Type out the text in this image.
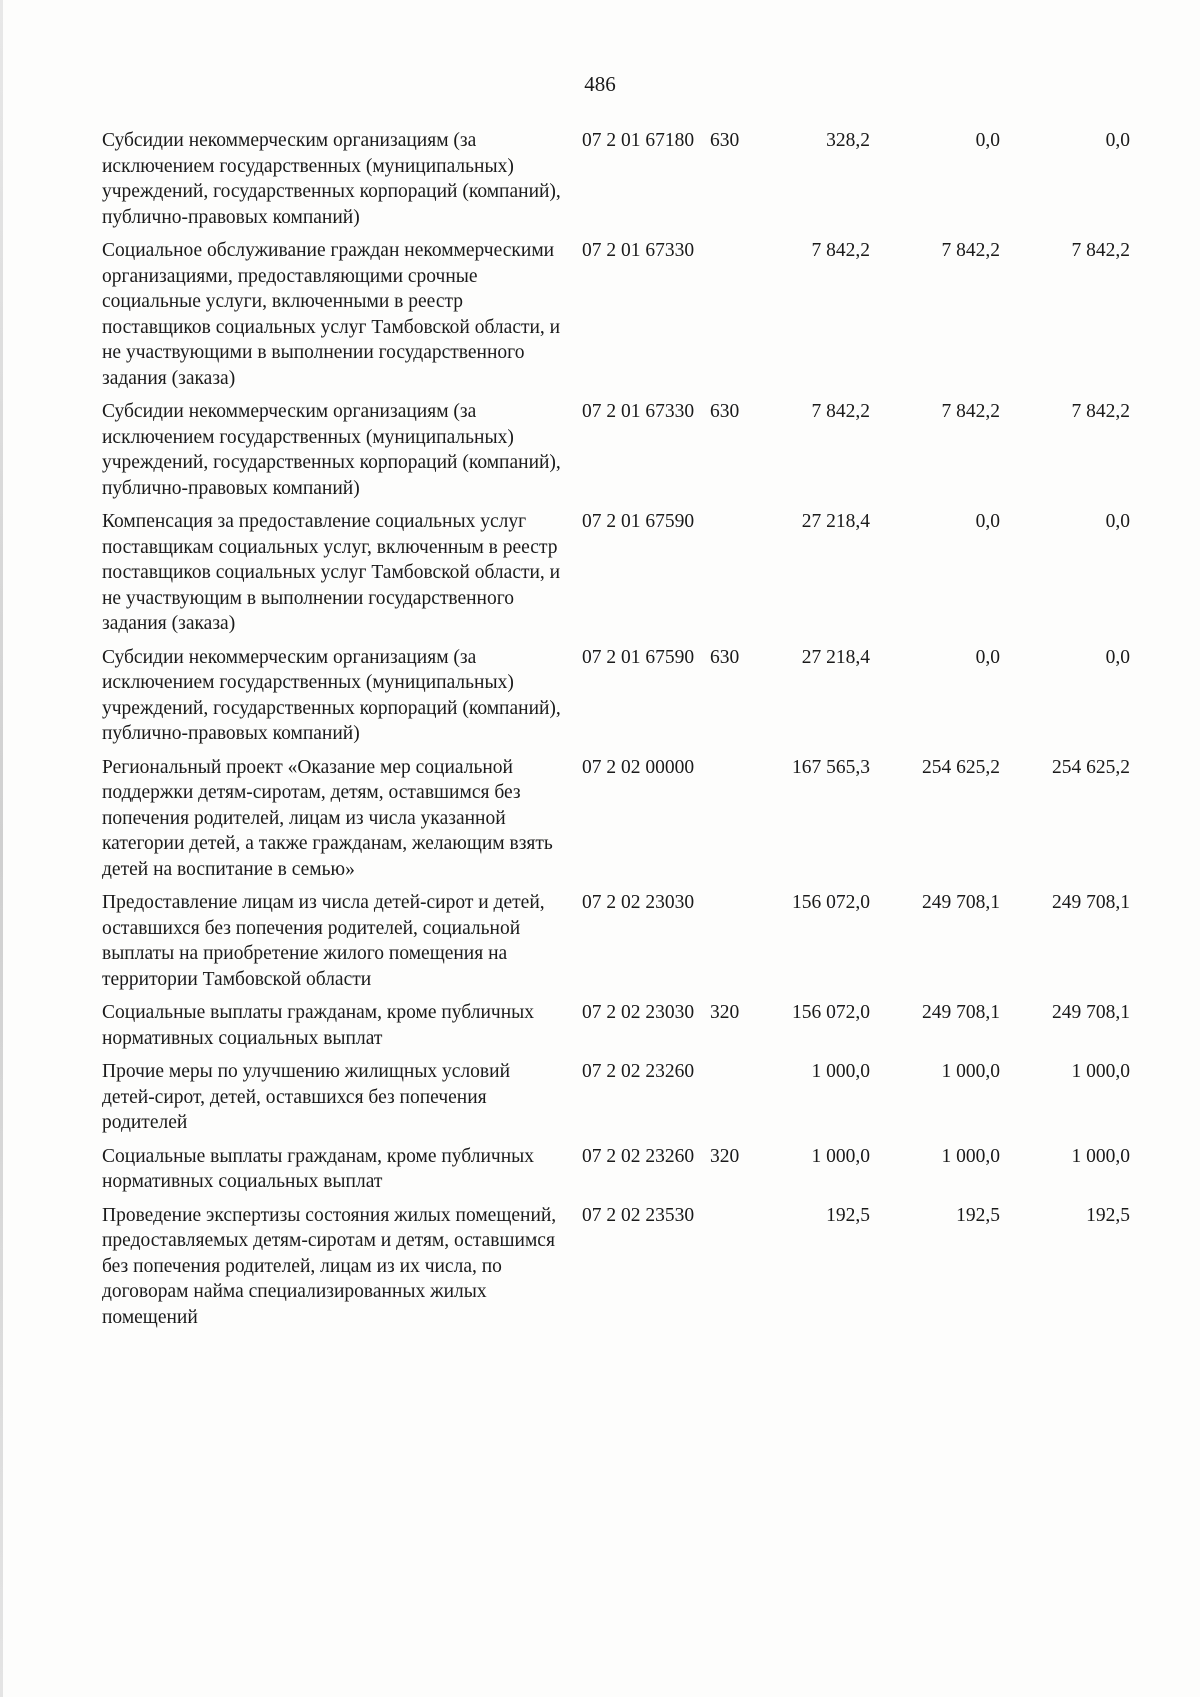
486
Субсидии некоммерческим организациям (за исключением государственных (муниципальных) учреждений, государственных корпораций (компаний), публично-правовых компаний)
07 2 01 67180 630	328,2	0,0	0,0
Социальное обслуживание граждан некоммерческими организациями, предоставляющими срочные социальные услуги, включенными в реестр поставщиков социальных услуг Тамбовской области, и не участвующими в выполнении государственного задания (заказа)
07 2 01 67330	7 842,2	7 842,2	7 842,2
Субсидии некоммерческим организациям (за исключением государственных (муниципальных) учреждений, государственных корпораций (компаний), публично-правовых компаний)
07 2 01 67330 630	7 842,2	7 842,2	7 842,2
Компенсация за предоставление социальных услуг поставщикам социальных услуг, включенным в реестр поставщиков социальных услуг Тамбовской области, и не участвующим в выполнении государственного задания (заказа)
07 2 01 67590	27 218,4	0,0	0,0
Субсидии некоммерческим организациям (за исключением государственных (муниципальных) учреждений, государственных корпораций (компаний), публично-правовых компаний)
07 2 01 67590 630	27 218,4	0,0	0,0
Региональный проект «Оказание мер социальной поддержки детям-сиротам, детям, оставшимся без попечения родителей, лицам из числа указанной категории детей, а также гражданам, желающим взять детей на воспитание в семью»
07 2 02 00000	167 565,3	254 625,2	254 625,2
Предоставление лицам из числа детей-сирот и детей, оставшихся без попечения родителей, социальной выплаты на приобретение жилого помещения на территории Тамбовской области
07 2 02 23030	156 072,0	249 708,1	249 708,1
Социальные выплаты гражданам, кроме публичных нормативных социальных выплат
07 2 02 23030 320	156 072,0	249 708,1	249 708,1
Прочие меры по улучшению жилищных условий детей-сирот, детей, оставшихся без попечения родителей
07 2 02 23260	1 000,0	1 000,0	1 000,0
Социальные выплаты гражданам, кроме публичных нормативных социальных выплат
07 2 02 23260 320	1 000,0	1 000,0	1 000,0
Проведение экспертизы состояния жилых помещений, предоставляемых детям-сиротам и детям, оставшимся без попечения родителей, лицам из их числа, по договорам найма специализированных жилых помещений
07 2 02 23530	192,5	192,5	192,5
